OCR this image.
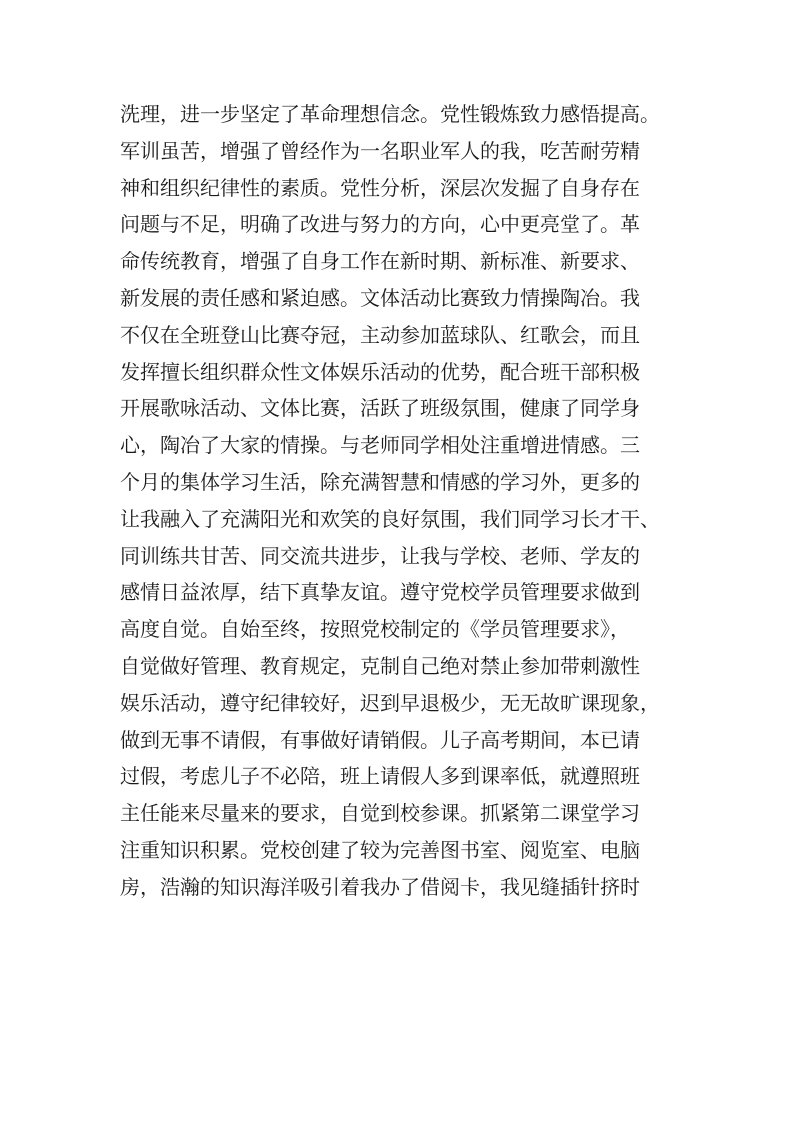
洗理，进一步坚定了革命理想信念。党性锻炼致力感悟提高。
军训虽苦，增强了曾经作为一名职业军人的我，吃苦耐劳精
神和组织纪律性的素质。党性分析，深层次发掘了自身存在
问题与不足，明确了改进与努力的方向，心中更亮堂了。革
命传统教育，增强了自身工作在新时期、新标准、新要求、
新发展的责任感和紧迫感。文体活动比赛致力情操陶冶。我
不仅在全班登山比赛夺冠，主动参加蓝球队、红歌会，而且
发挥擅长组织群众性文体娱乐活动的优势，配合班干部积极
开展歌咏活动、文体比赛，活跃了班级氛围，健康了同学身
心，陶冶了大家的情操。与老师同学相处注重增进情感。三
个月的集体学习生活，除充满智慧和情感的学习外，更多的
让我融入了充满阳光和欢笑的良好氛围，我们同学习长才干、
同训练共甘苦、同交流共进步，让我与学校、老师、学友的
感情日益浓厚，结下真挚友谊。遵守党校学员管理要求做到
高度自觉。自始至终，按照党校制定的《学员管理要求》，
自觉做好管理、教育规定，克制自己绝对禁止参加带刺激性
娱乐活动，遵守纪律较好，迟到早退极少，无无故旷课现象，
做到无事不请假，有事做好请销假。儿子高考期间，本已请
过假，考虑儿子不必陪，班上请假人多到课率低，就遵照班
主任能来尽量来的要求，自觉到校参课。抓紧第二课堂学习
注重知识积累。党校创建了较为完善图书室、阅览室、电脑
房，浩瀚的知识海洋吸引着我办了借阅卡，我见缝插针挤时
